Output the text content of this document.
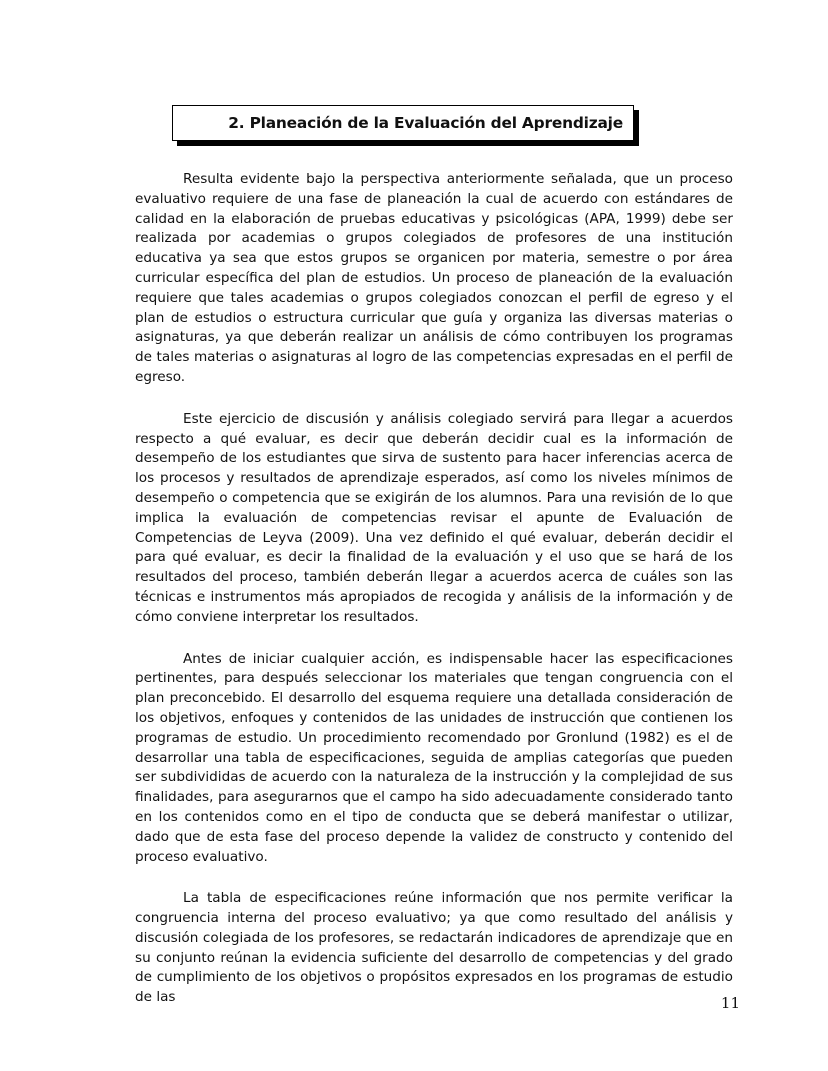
2. Planeación de la Evaluación del Aprendizaje

Resulta evidente bajo la perspectiva anteriormente señalada, que un proceso evaluativo requiere de una fase de planeación la cual de acuerdo con estándares de calidad en la elaboración de pruebas educativas y psicológicas (APA, 1999) debe ser realizada por academias o grupos colegiados de profesores de una institución educativa ya sea que estos grupos se organicen por materia, semestre o por área curricular específica del plan de estudios. Un proceso de planeación de la evaluación requiere que tales academias o grupos colegiados conozcan el perfil de egreso y el plan de estudios o estructura curricular que guía y organiza las diversas materias o asignaturas, ya que deberán realizar un análisis de cómo contribuyen los programas de tales materias o asignaturas al logro de las competencias expresadas en el perfil de egreso.

Este ejercicio de discusión y análisis colegiado servirá para llegar a acuerdos respecto a qué evaluar, es decir que deberán decidir cual es la información de desempeño de los estudiantes que sirva de sustento para hacer inferencias acerca de los procesos y resultados de aprendizaje esperados, así como los niveles mínimos de desempeño o competencia que se exigirán de los alumnos. Para una revisión de lo que implica la evaluación de competencias revisar el apunte de Evaluación de Competencias de Leyva (2009). Una vez definido el qué evaluar, deberán decidir el para qué evaluar, es decir la finalidad de la evaluación y el uso que se hará de los resultados del proceso, también deberán llegar a acuerdos acerca de cuáles son las técnicas e instrumentos más apropiados de recogida y análisis de la información y de cómo conviene interpretar los resultados.

Antes de iniciar cualquier acción, es indispensable hacer las especificaciones pertinentes, para después seleccionar los materiales que tengan congruencia con el plan preconcebido. El desarrollo del esquema requiere una detallada consideración de los objetivos, enfoques y contenidos de las unidades de instrucción que contienen los programas de estudio. Un procedimiento recomendado por Gronlund (1982) es el de desarrollar una tabla de especificaciones, seguida de amplias categorías que pueden ser subdivididas de acuerdo con la naturaleza de la instrucción y la complejidad de sus finalidades, para asegurarnos que el campo ha sido adecuadamente considerado tanto en los contenidos como en el tipo de conducta que se deberá manifestar o utilizar, dado que de esta fase del proceso depende la validez de constructo y contenido del proceso evaluativo.

La tabla de especificaciones reúne información que nos permite verificar la congruencia interna del proceso evaluativo; ya que como resultado del análisis y discusión colegiada de los profesores, se redactarán indicadores de aprendizaje que en su conjunto reúnan la evidencia suficiente del desarrollo de competencias y del grado de cumplimiento de los objetivos o propósitos expresados en los programas de estudio de las	11
